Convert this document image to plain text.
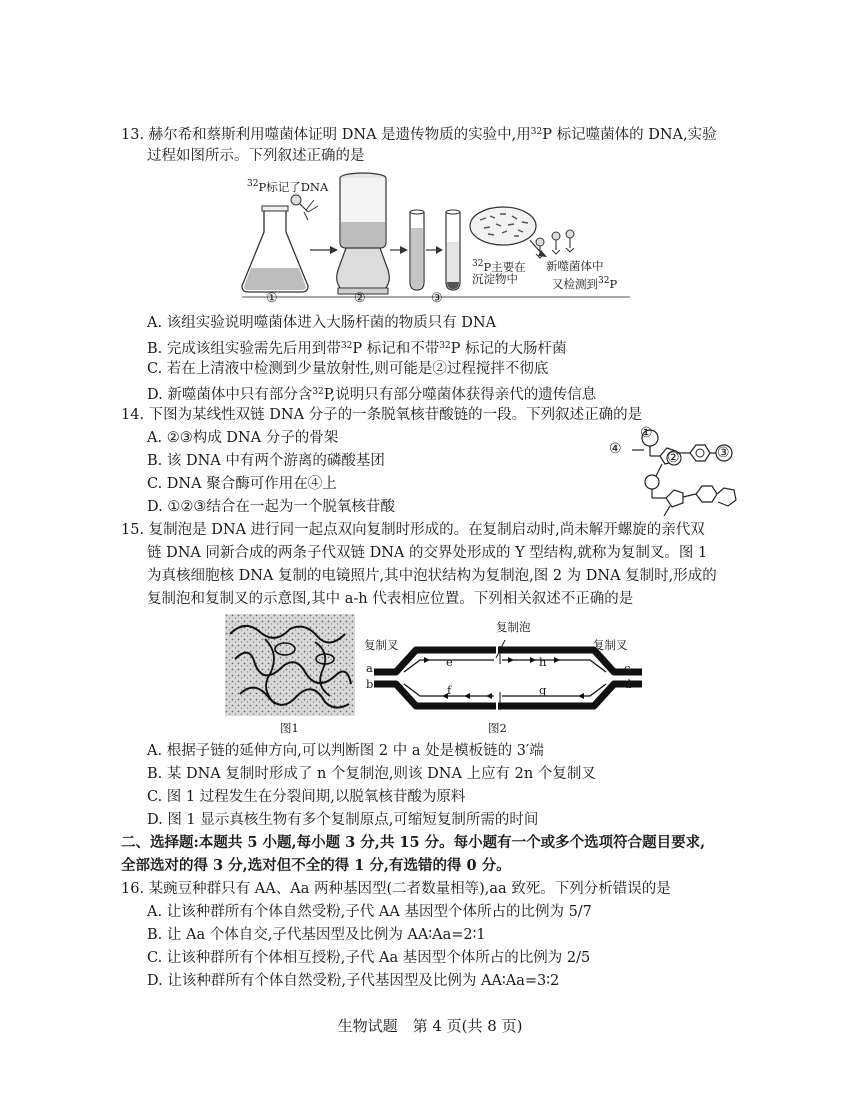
13. 赫尔希和蔡斯利用噬菌体证明 DNA 是遗传物质的实验中,用$^{32}$P 标记噬菌体的 DNA,实验
过程如图所示。下列叙述正确的是
$^{32}$P标记了DNA
①	②	③
$^{32}$P主要在
沉淀物中
新噬菌体中
又检测到$^{32}$P
A. 该组实验说明噬菌体进入大肠杆菌的物质只有 DNA
B. 完成该组实验需先后用到带$^{32}$P 标记和不带$^{32}$P 标记的大肠杆菌
C. 若在上清液中检测到少量放射性,则可能是②过程搅拌不彻底
D. 新噬菌体中只有部分含$^{32}$P,说明只有部分噬菌体获得亲代的遗传信息
14. 下图为某线性双链 DNA 分子的一条脱氧核苷酸链的一段。下列叙述正确的是
A. ②③构成 DNA 分子的骨架
B. 该 DNA 中有两个游离的磷酸基团
C. DNA 聚合酶可作用在④上
D. ①②③结合在一起为一个脱氧核苷酸
①
②	③
④
15. 复制泡是 DNA 进行同一起点双向复制时形成的。在复制启动时,尚未解开螺旋的亲代双
链 DNA 同新合成的两条子代双链 DNA 的交界处形成的 Y 型结构,就称为复制叉。图 1
为真核细胞核 DNA 复制的电镜照片,其中泡状结构为复制泡,图 2 为 DNA 复制时,形成的
复制泡和复制叉的示意图,其中 a-h 代表相应位置。下列相关叙述不正确的是
复制泡
复制叉	复制叉
a
b
c
d
e
f	g
h
图1	图2
A. 根据子链的延伸方向,可以判断图 2 中 a 处是模板链的 3′端
B. 某 DNA 复制时形成了 n 个复制泡,则该 DNA 上应有 2n 个复制叉
C. 图 1 过程发生在分裂间期,以脱氧核苷酸为原料
D. 图 1 显示真核生物有多个复制原点,可缩短复制所需的时间
二、选择题:本题共 5 小题,每小题 3 分,共 15 分。每小题有一个或多个选项符合题目要求,
全部选对的得 3 分,选对但不全的得 1 分,有选错的得 0 分。
16. 某豌豆种群只有 AA、Aa 两种基因型(二者数量相等),aa 致死。下列分析错误的是
A. 让该种群所有个体自然受粉,子代 AA 基因型个体所占的比例为 5/7
B. 让 Aa 个体自交,子代基因型及比例为 AA∶Aa=2∶1
C. 让该种群所有个体相互授粉,子代 Aa 基因型个体所占的比例为 2/5
D. 让该种群所有个体自然受粉,子代基因型及比例为 AA∶Aa=3∶2
生物试题　第 4 页(共 8 页)
